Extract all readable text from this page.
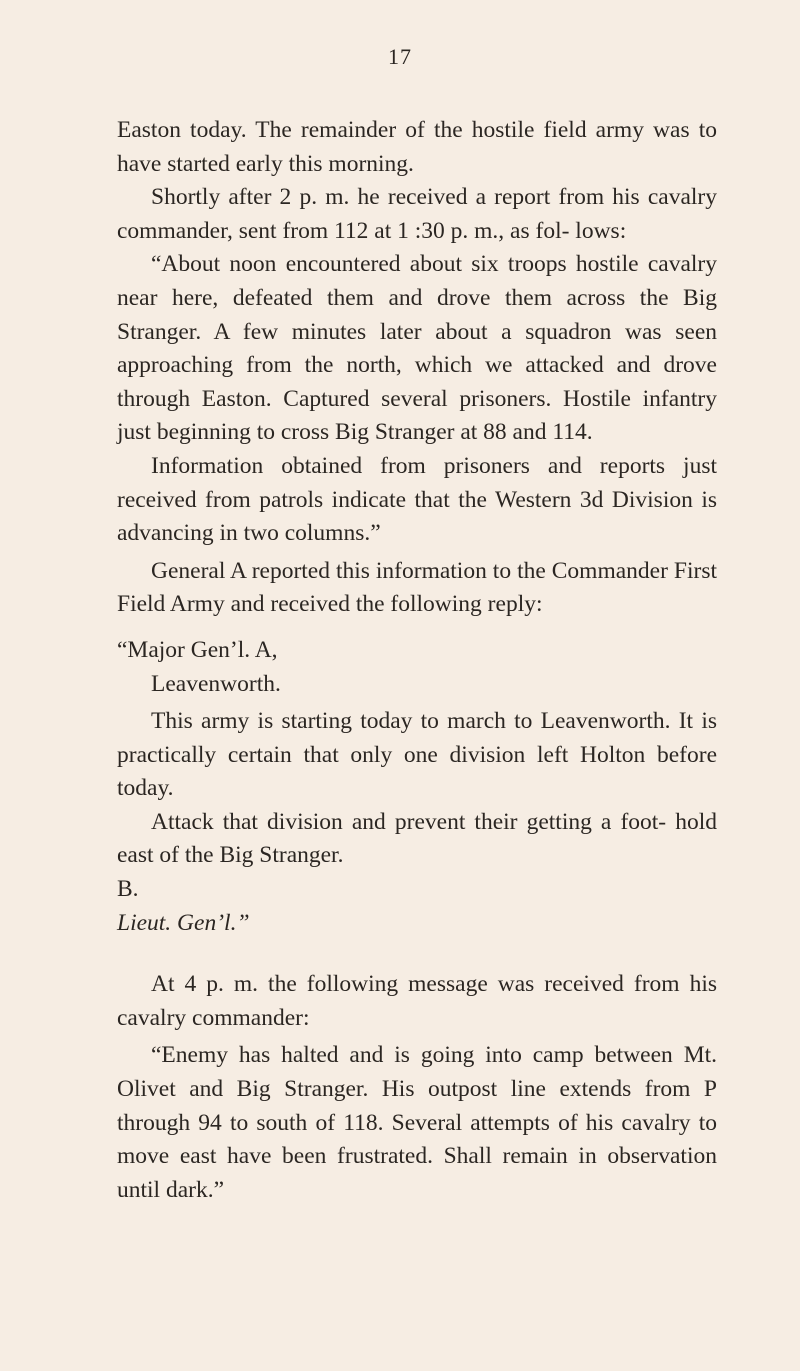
17

Easton today. The remainder of the hostile field army was to have started early this morning.

Shortly after 2 p. m. he received a report from his cavalry commander, sent from 112 at 1 :30 p. m., as fol- lows:

“About noon encountered about six troops hostile cavalry near here, defeated them and drove them across the Big Stranger. A few minutes later about a squadron was seen approaching from the north, which we attacked and drove through Easton. Captured several prisoners. Hostile infantry just beginning to cross Big Stranger at 88 and 114.

Information obtained from prisoners and reports just received from patrols indicate that the Western 3d Division is advancing in two columns.”

General A reported this information to the Commander First Field Army and received the following reply:

“Major Gen’l. A,

Leavenworth.

This army is starting today to march to Leavenworth. It is practically certain that only one division left Holton before today.

Attack that division and prevent their getting a foot- hold east of the Big Stranger.

B.

Lieut. Gen’l.”

At 4 p. m. the following message was received from his cavalry commander:

“Enemy has halted and is going into camp between Mt. Olivet and Big Stranger. His outpost line extends from P through 94 to south of 118. Several attempts of his cavalry to move east have been frustrated. Shall remain in observation until dark.”
